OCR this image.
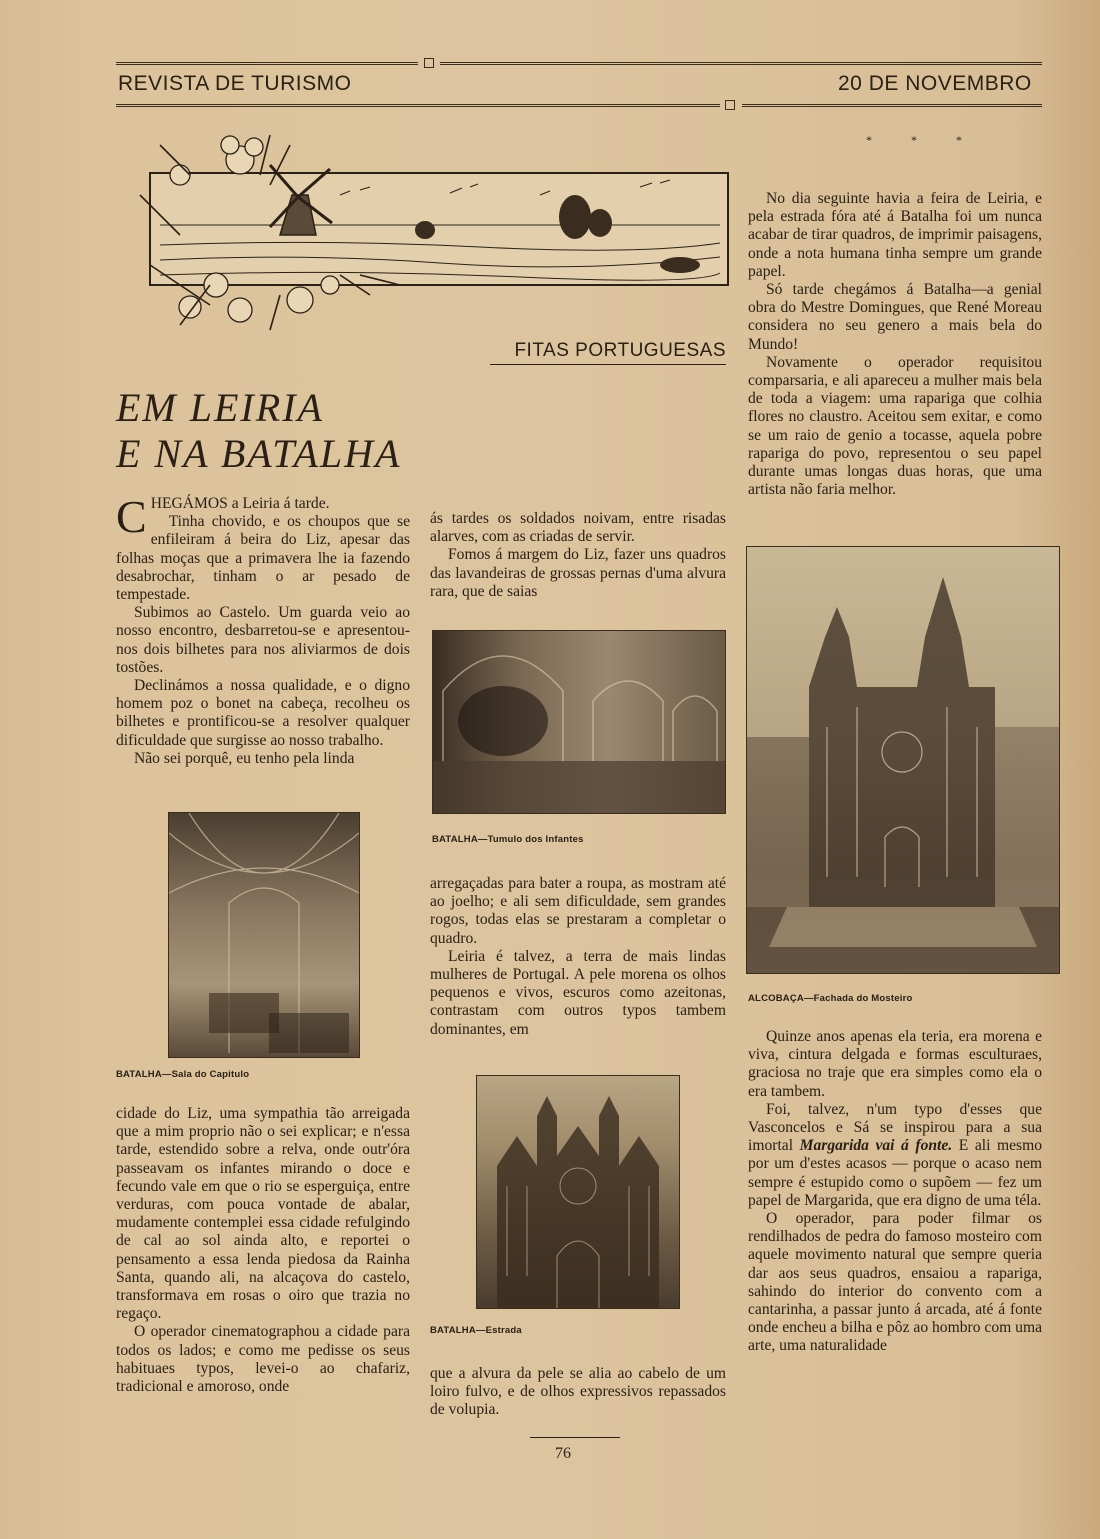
REVISTA DE TURISMO	20 DE NOVEMBRO
FITAS PORTUGUESAS
EM LEIRIA
E NA BATALHA

CHEGÁMOS a Leiria á tarde.

Tinha chovido, e os choupos que se enfileiram á beira do Liz, apesar das folhas moças que a primavera lhe ia fazendo desabrochar, tinham o ar pesado de tempestade.

Subimos ao Castelo. Um guarda veio ao nosso encontro, desbarretou-se e apresentou-nos dois bilhetes para nos aliviarmos de dois tostões.

Declinámos a nossa qualidade, e o digno homem poz o bonet na cabeça, recolheu os bilhetes e prontificou-se a resolver qualquer dificuldade que surgisse ao nosso trabalho.

Não sei porquê, eu tenho pela linda

BATALHA—Sala do Capitulo

cidade do Liz, uma sympathia tão arreigada que a mim proprio não o sei explicar; e n'essa tarde, estendido sobre a relva, onde outr'óra passeavam os infantes mirando o doce e fecundo vale em que o rio se esperguiça, entre verduras, com pouca vontade de abalar, mudamente contemplei essa cidade refulgindo de cal ao sol ainda alto, e reportei o pensamento a essa lenda piedosa da Rainha Santa, quando ali, na alcaçova do castelo, transformava em rosas o oiro que trazia no regaço.

O operador cinematographou a cidade para todos os lados; e como me pedisse os seus habituaes typos, levei-o ao chafariz, tradicional e amoroso, onde

ás tardes os soldados noivam, entre risadas alarves, com as criadas de servir.

Fomos á margem do Liz, fazer uns quadros das lavandeiras de grossas pernas d'uma alvura rara, que de saias

BATALHA—Tumulo dos Infantes

arregaçadas para bater a roupa, as mostram até ao joelho; e ali sem dificuldade, sem grandes rogos, todas elas se prestaram a completar o quadro.

Leiria é talvez, a terra de mais lindas mulheres de Portugal. A pele morena os olhos pequenos e vivos, escuros como azeitonas, contrastam com outros typos tambem dominantes, em

BATALHA—Estrada

que a alvura da pele se alia ao cabelo de um loiro fulvo, e de olhos expressivos repassados de volupia.

* * *

No dia seguinte havia a feira de Leiria, e pela estrada fóra até á Batalha foi um nunca acabar de tirar quadros, de imprimir paisagens, onde a nota humana tinha sempre um grande papel.

Só tarde chegámos á Batalha—a genial obra do Mestre Domingues, que René Moreau considera no seu genero a mais bela do Mundo!

Novamente o operador requisitou comparsaria, e ali apareceu a mulher mais bela de toda a viagem: uma rapariga que colhia flores no claustro. Aceitou sem exitar, e como se um raio de genio a tocasse, aquela pobre rapariga do povo, representou o seu papel durante umas longas duas horas, que uma artista não faria melhor.

ALCOBAÇA—Fachada do Mosteiro

Quinze anos apenas ela teria, era morena e viva, cintura delgada e formas esculturaes, graciosa no traje que era simples como ela o era tambem.

Foi, talvez, n'um typo d'esses que Vasconcelos e Sá se inspirou para a sua imortal Margarida vai á fonte. E ali mesmo por um d'estes acasos — porque o acaso nem sempre é estupido como o supõem — fez um papel de Margarida, que era digno de uma téla.

O operador, para poder filmar os rendilhados de pedra do famoso mosteiro com aquele movimento natural que sempre queria dar aos seus quadros, ensaiou a rapariga, sahindo do interior do convento com a cantarinha, a passar junto á arcada, até á fonte onde encheu a bilha e pôz ao hombro com uma arte, uma naturalidade

76
